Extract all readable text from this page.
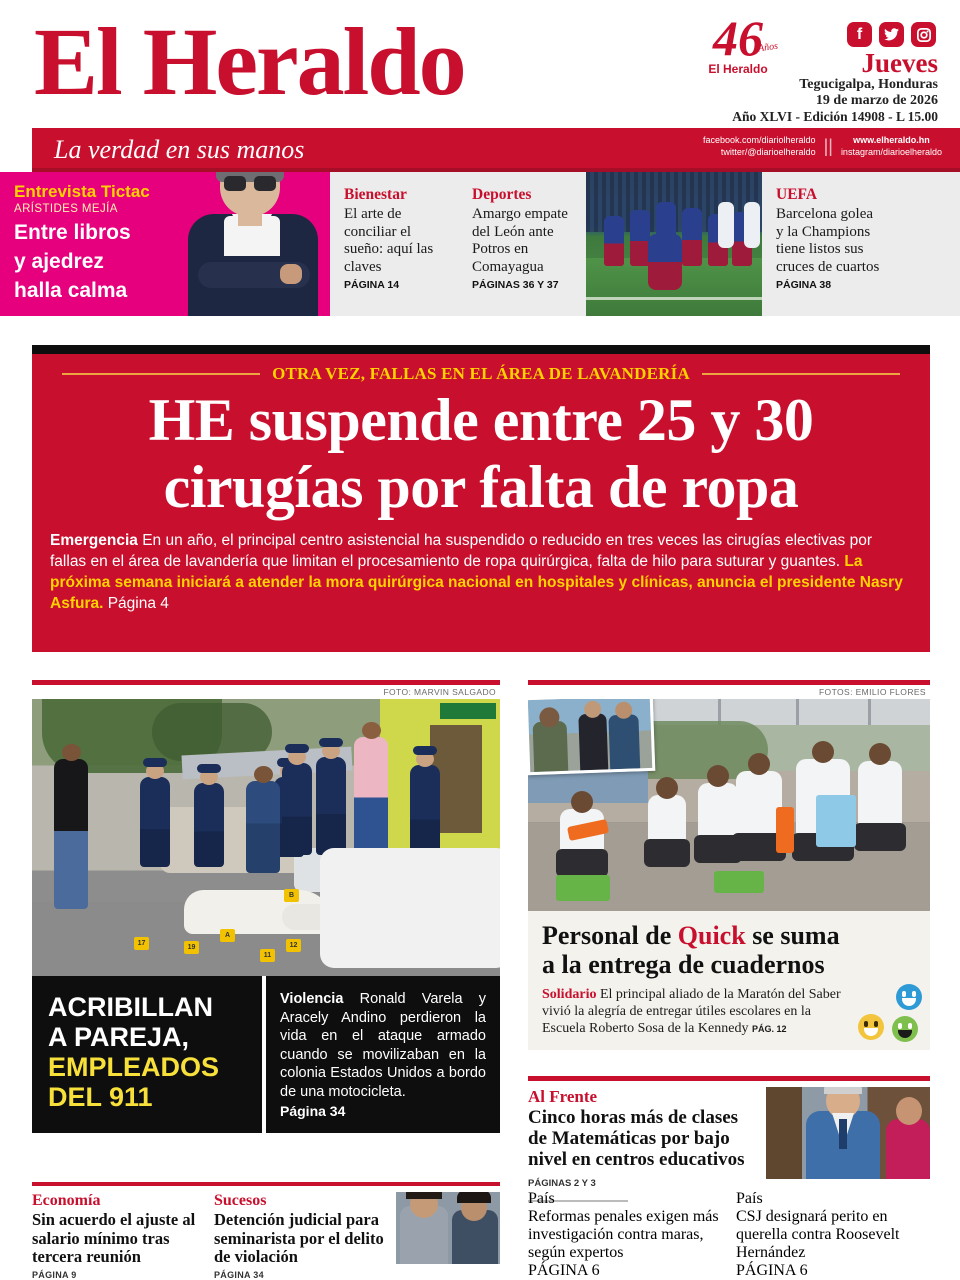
El Heraldo	46
Años
El Heraldo
f
Jueves
Tegucigalpa, Honduras
19 de marzo de 2026
Año XLVI - Edición 14908 - L 15.00
La verdad en sus manos	facebook.com/diariolheraldo
twitter/@diarioelheraldo ||	www.elheraldo.hn
instagram/diarioelheraldo
Entrevista Tictac
ARÍSTIDES MEJÍA
Entre libros
y ajedrez
halla calma
Bienestar
El arte de conciliar el sueño: aquí las claves
PÁGINA 14
Deportes
Amargo empate del León ante Potros en Comayagua
PÁGINAS 36 Y 37
UEFA
Barcelona golea y la Champions tiene listos sus cruces de cuartos
PÁGINA 38
OTRA VEZ, FALLAS EN EL ÁREA DE LAVANDERÍA
HE suspende entre 25 y 30
cirugías por falta de ropa
Emergencia En un año, el principal centro asistencial ha suspendido o reducido en tres veces las cirugías electivas por fallas en el área de lavandería que limitan el procesamiento de ropa quirúrgica, falta de hilo para suturar y guantes. La próxima semana iniciará a atender la mora quirúrgica nacional en hospitales y clínicas, anuncia el presidente Nasry Asfura. Página 4
FOTO: MARVIN SALGADO
17
19
A
11
12
B
ACRIBILLAN
A PAREJA,
EMPLEADOS
DEL 911

Violencia Ronald Varela y Aracely Andino perdieron la vida en el ataque armado cuando se movilizaban en la colonia Estados Unidos a bordo de una motocicleta.

Página 34
Economía
Sin acuerdo el ajuste al salario mínimo tras tercera reunión
PÁGINA 9
Sucesos
Detención judicial para seminarista por el delito de violación
PÁGINA 34
FOTOS: EMILIO FLORES
Personal de Quick se suma
a la entrega de cuadernos
Solidario El principal aliado de la Maratón del Saber vivió la alegría de entregar útiles escolares en la Escuela Roberto Sosa de la Kennedy PÁG. 12
Al Frente
Cinco horas más de clases de Matemáticas por bajo nivel en centros educativos PÁGINAS 2 Y 3
País
Reformas penales exigen más investigación contra maras, según expertos
PÁGINA 6
País
CSJ designará perito en querella contra Roosevelt Hernández
PÁGINA 6
